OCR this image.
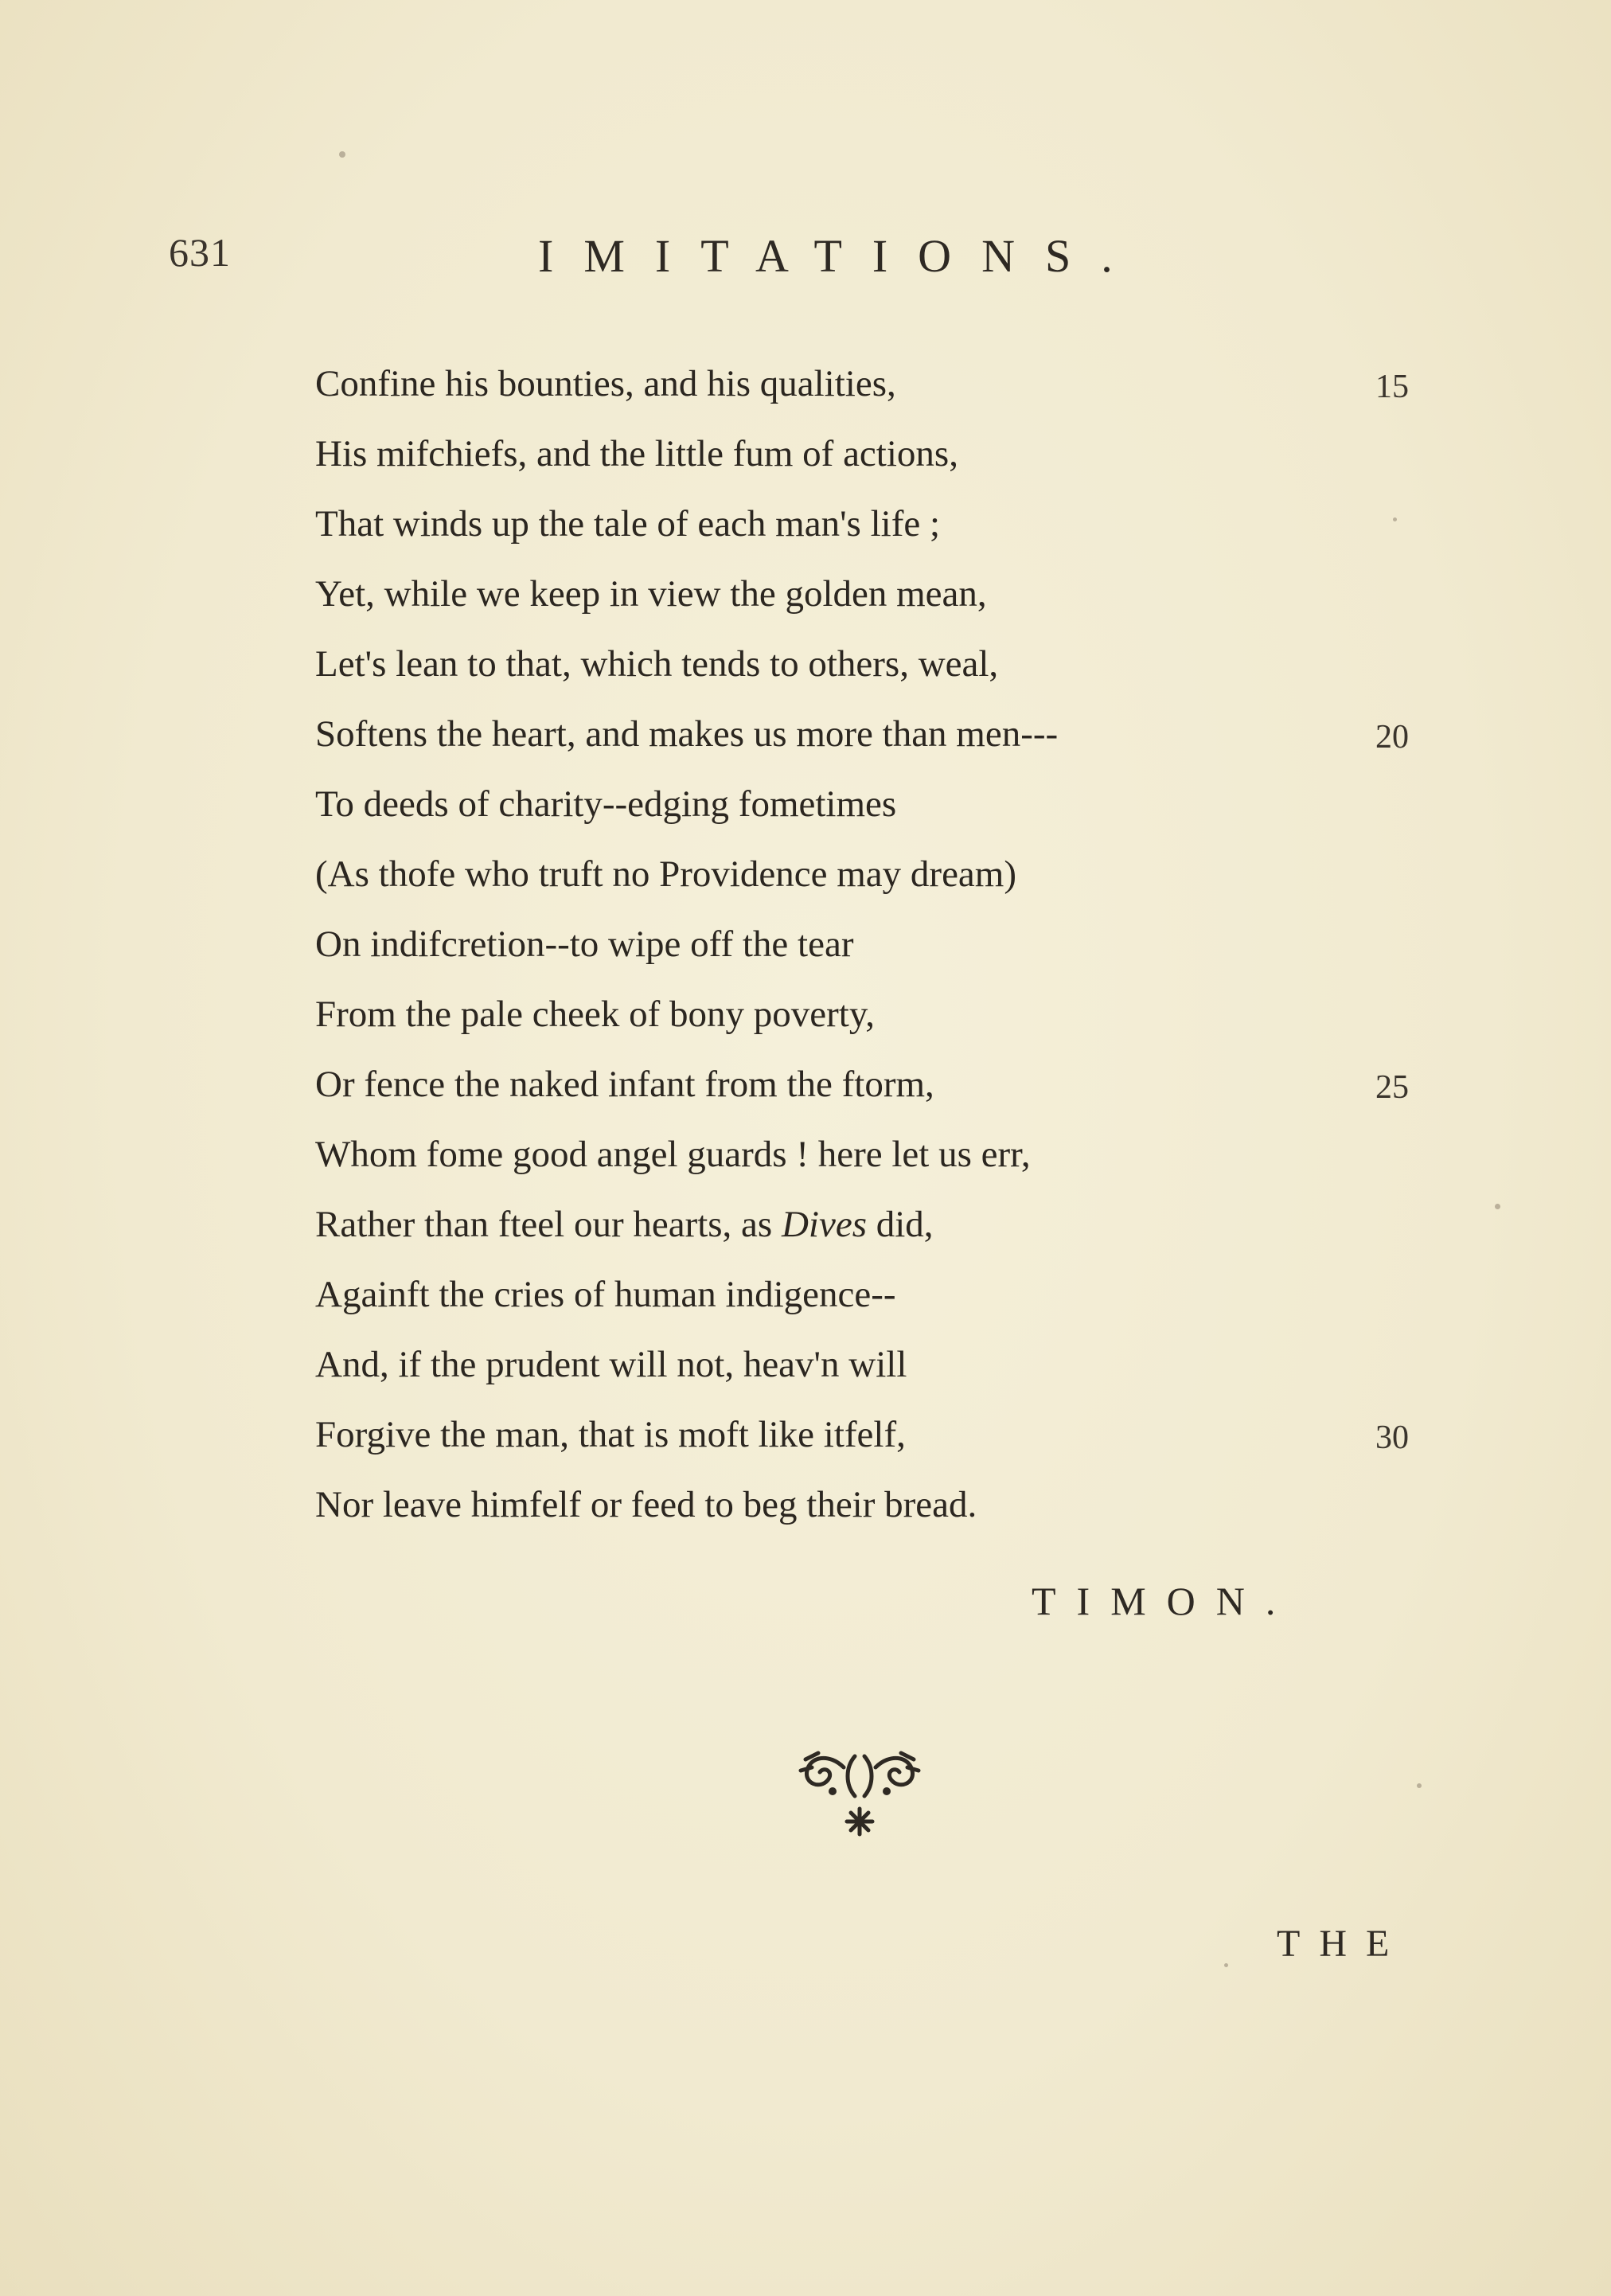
631	IMITATIONS.
Confine his bounties, and his qualities,	15
His mifchiefs, and the little fum of actions,
That winds up the tale of each man's life ;
Yet, while we keep in view the golden mean,
Let's lean to that, which tends to others, weal,
Softens the heart, and makes us more than men---	20
To deeds of charity--edging fometimes
(As thofe who truft no Providence may dream)
On indifcretion--to wipe off the tear
From the pale cheek of bony poverty,
Or fence the naked infant from the ftorm,	25
Whom fome good angel guards ! here let us err,
Rather than fteel our hearts, as Dives did,
Againft the cries of human indigence--
And, if the prudent will not, heav'n will
Forgive the man, that is moft like itfelf,	30
Nor leave himfelf or feed to beg their bread.
TIMON.
THE
